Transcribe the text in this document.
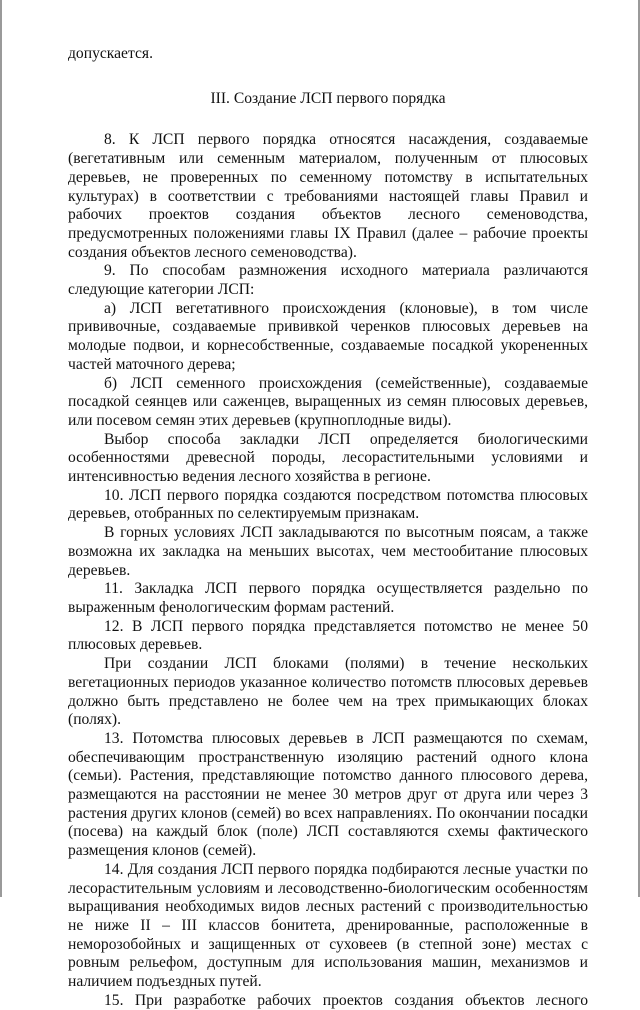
допускается.

III. Создание ЛСП первого порядка

8. К ЛСП первого порядка относятся насаждения, создаваемые (вегетативным или семенным материалом, полученным от плюсовых деревьев, не проверенных по семенному потомству в испытательных культурах) в соответствии с требованиями настоящей главы Правил и рабочих проектов создания объектов лесного семеноводства, предусмотренных положениями главы IX Правил (далее – рабочие проекты создания объектов лесного семеноводства).

9. По способам размножения исходного материала различаются следующие категории ЛСП:

а) ЛСП вегетативного происхождения (клоновые), в том числе прививочные, создаваемые прививкой черенков плюсовых деревьев на молодые подвои, и корнесобственные, создаваемые посадкой укорененных частей маточного дерева;

б) ЛСП семенного происхождения (семейственные), создаваемые посадкой сеянцев или саженцев, выращенных из семян плюсовых деревьев, или посевом семян этих деревьев (крупноплодные виды).

Выбор способа закладки ЛСП определяется биологическими особенностями древесной породы, лесорастительными условиями и интенсивностью ведения лесного хозяйства в регионе.

10. ЛСП первого порядка создаются посредством потомства плюсовых деревьев, отобранных по селектируемым признакам.

В горных условиях ЛСП закладываются по высотным поясам, а также возможна их закладка на меньших высотах, чем местообитание плюсовых деревьев.

11. Закладка ЛСП первого порядка осуществляется раздельно по выраженным фенологическим формам растений.

12. В ЛСП первого порядка представляется потомство не менее 50 плюсовых деревьев.

При создании ЛСП блоками (полями) в течение нескольких вегетационных периодов указанное количество потомств плюсовых деревьев должно быть представлено не более чем на трех примыкающих блоках (полях).

13. Потомства плюсовых деревьев в ЛСП размещаются по схемам, обеспечивающим пространственную изоляцию растений одного клона (семьи). Растения, представляющие потомство данного плюсового дерева, размещаются на расстоянии не менее 30 метров друг от друга или через 3 растения других клонов (семей) во всех направлениях. По окончании посадки (посева) на каждый блок (поле) ЛСП составляются схемы фактического размещения клонов (семей).

14. Для создания ЛСП первого порядка подбираются лесные участки по лесорастительным условиям и лесоводственно-биологическим особенностям выращивания необходимых видов лесных растений с производительностью не ниже II – III классов бонитета, дренированные, расположенные в неморозобойных и защищенных от суховеев (в степной зоне) местах с ровным рельефом, доступным для использования машин, механизмов и наличием подъездных путей.

15. При разработке рабочих проектов создания объектов лесного
